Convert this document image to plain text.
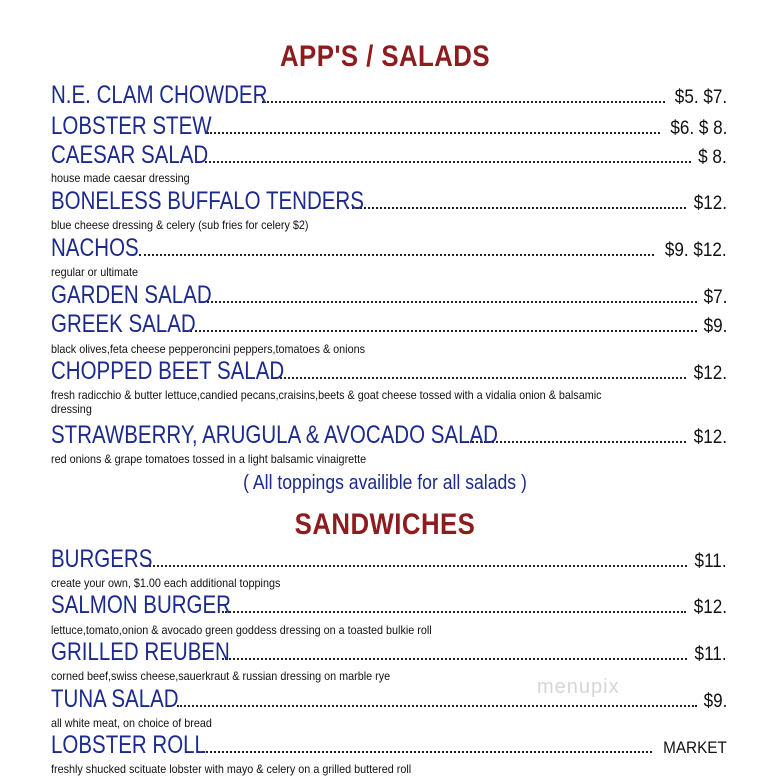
APP'S / SALADS
N.E. CLAM CHOWDER	$5. $7.
LOBSTER STEW	$6. $ 8.
CAESAR SALAD	$ 8.
house made caesar dressing
BONELESS BUFFALO TENDERS	$12.
blue cheese dressing & celery (sub fries for celery $2)
NACHOS	$9. $12.
regular or ultimate
GARDEN SALAD	$7.
GREEK SALAD	$9.
black olives,feta cheese pepperoncini peppers,tomatoes & onions
CHOPPED BEET SALAD	$12.
fresh radicchio & butter lettuce,candied pecans,craisins,beets & goat cheese tossed with a vidalia onion & balsamic dressing
STRAWBERRY, ARUGULA & AVOCADO SALAD	$12.
red onions & grape tomatoes tossed in a light balsamic vinaigrette
( All toppings availible for all salads )
SANDWICHES
BURGERS	$11.
create your own, $1.00 each additional toppings
SALMON BURGER	$12.
lettuce,tomato,onion & avocado green goddess dressing on a toasted bulkie roll
GRILLED REUBEN	$11.
corned beef,swiss cheese,sauerkraut & russian dressing on marble rye
TUNA SALAD	$9.
all white meat, on choice of bread
LOBSTER ROLL	MARKET
freshly shucked scituate lobster with mayo & celery on a grilled buttered roll
menupix
